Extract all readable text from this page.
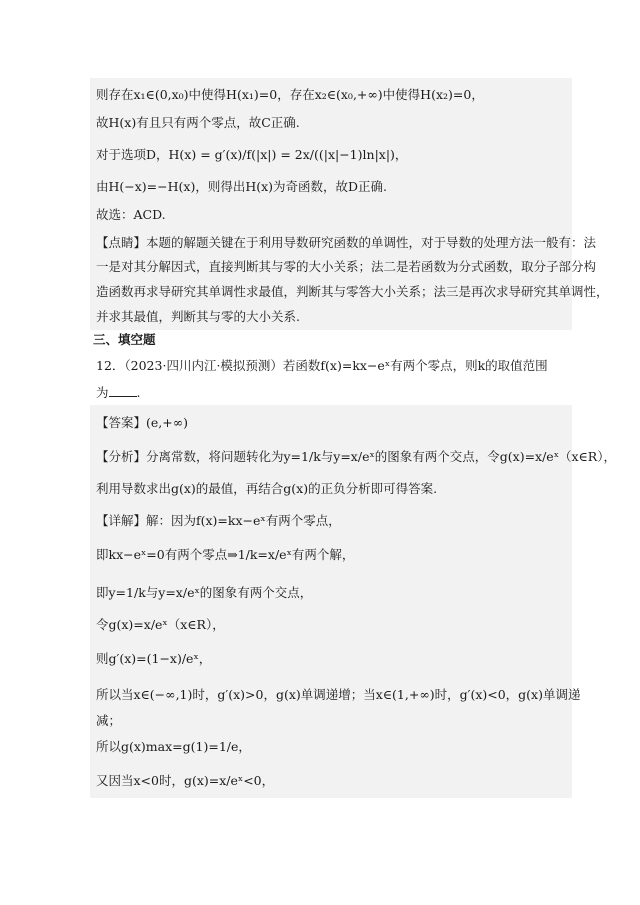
则存在x₁∈(0,x₀)中使得H(x₁)=0，存在x₂∈(x₀,+∞)中使得H(x₂)=0，
故H(x)有且只有两个零点，故C正确.
对于选项D，H(x) = g′(x)/f(|x|) = 2x/((|x|−1)ln|x|)，
由H(−x)=−H(x)，则得出H(x)为奇函数，故D正确.
故选：ACD.
【点睛】本题的解题关键在于利用导数研究函数的单调性，对于导数的处理方法一般有：法
一是对其分解因式，直接判断其与零的大小关系；法二是若函数为分式函数，取分子部分构
造函数再求导研究其单调性求最值，判断其与零答大小关系；法三是再次求导研究其单调性，
并求其最值，判断其与零的大小关系.
三、填空题
12．（2023·四川内江·模拟预测）若函数f(x)=kx−eˣ有两个零点，则k的取值范围
为 .
【答案】(e,+∞)
【分析】分离常数，将问题转化为y=1/k与y=x/eˣ的图象有两个交点，令g(x)=x/eˣ（x∈R），
利用导数求出g(x)的最值，再结合g(x)的正负分析即可得答案.
【详解】解：因为f(x)=kx−eˣ有两个零点，
即kx−eˣ=0有两个零点⇒1/k=x/eˣ有两个解，
即y=1/k与y=x/eˣ的图象有两个交点，
令g(x)=x/eˣ（x∈R），
则g′(x)=(1−x)/eˣ，
所以当x∈(−∞,1)时，g′(x)>0，g(x)单调递增；当x∈(1,+∞)时，g′(x)<0，g(x)单调递
减；
所以g(x)max=g(1)=1/e，
又因当x<0时，g(x)=x/eˣ<0，
